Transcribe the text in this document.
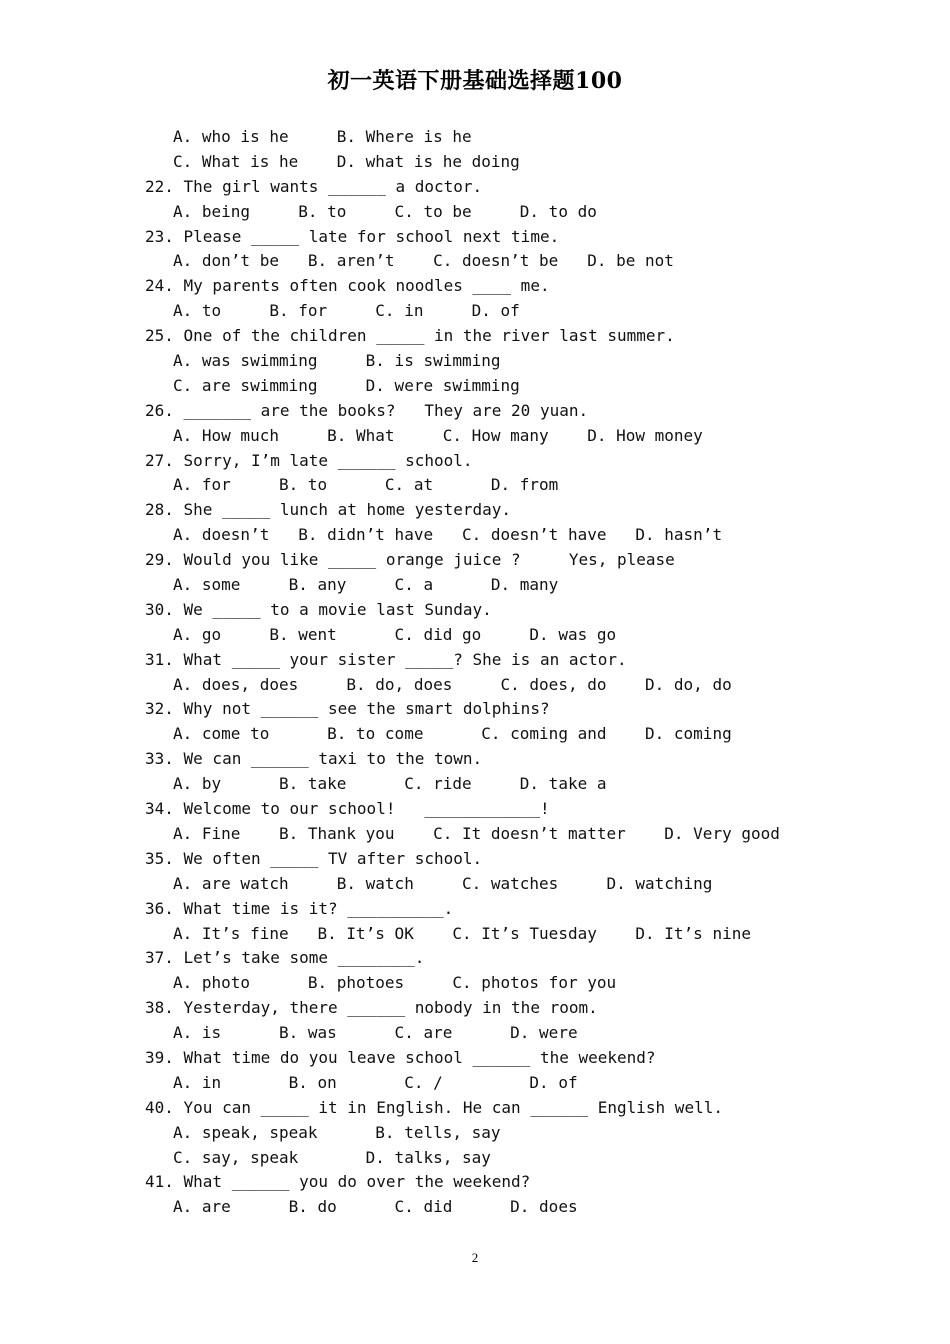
初一英语下册基础选择题100
A. who is he     B. Where is he
C. What is he    D. what is he doing
22. The girl wants ______ a doctor.
A. being     B. to     C. to be     D. to do
23. Please _____ late for school next time.
A. don’t be   B. aren’t    C. doesn’t be   D. be not
24. My parents often cook noodles ____ me.
A. to     B. for     C. in     D. of
25. One of the children _____ in the river last summer.
A. was swimming     B. is swimming
C. are swimming     D. were swimming
26. _______ are the books?   They are 20 yuan.
A. How much     B. What     C. How many    D. How money
27. Sorry, I’m late ______ school.
A. for     B. to      C. at      D. from
28. She _____ lunch at home yesterday.
A. doesn’t   B. didn’t have   C. doesn’t have   D. hasn’t
29. Would you like _____ orange juice ?     Yes, please
A. some     B. any     C. a      D. many
30. We _____ to a movie last Sunday.
A. go     B. went      C. did go     D. was go
31. What _____ your sister _____? She is an actor.
A. does, does     B. do, does     C. does, do    D. do, do
32. Why not ______ see the smart dolphins?
A. come to      B. to come      C. coming and    D. coming
33. We can ______ taxi to the town.
A. by      B. take      C. ride     D. take a
34. Welcome to our school!   ____________!
A. Fine    B. Thank you    C. It doesn’t matter    D. Very good
35. We often _____ TV after school.
A. are watch     B. watch     C. watches     D. watching
36. What time is it? __________.
A. It’s fine   B. It’s OK    C. It’s Tuesday    D. It’s nine
37. Let’s take some ________.
A. photo      B. photoes     C. photos for you
38. Yesterday, there ______ nobody in the room.
A. is      B. was      C. are      D. were
39. What time do you leave school ______ the weekend?
A. in       B. on       C. /         D. of
40. You can _____ it in English. He can ______ English well.
A. speak, speak      B. tells, say
C. say, speak       D. talks, say
41. What ______ you do over the weekend?
A. are      B. do      C. did      D. does
2
